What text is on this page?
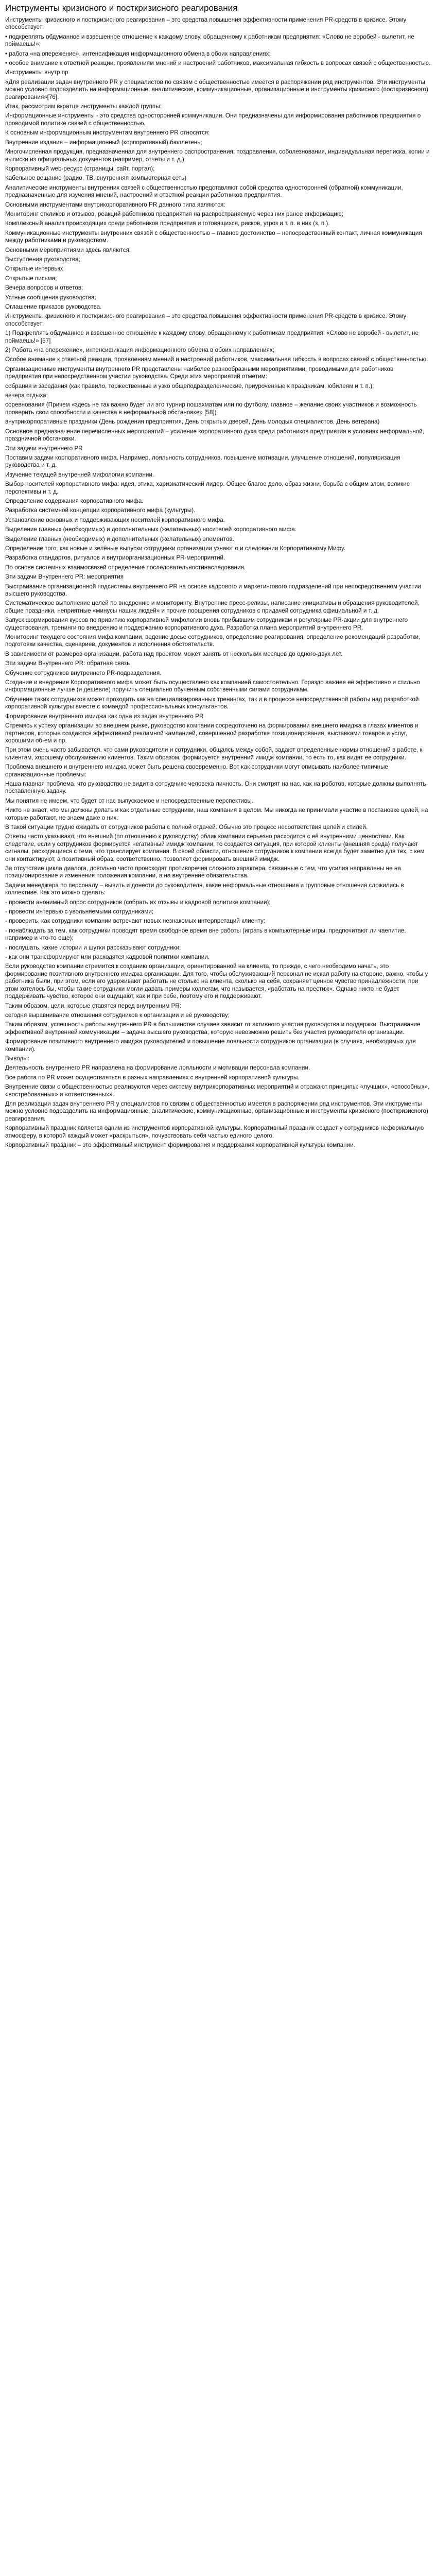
Инструменты кризисного и посткризисного реагирования

Инструменты кризисного и посткризисного реагирования – это средства повышения эффективности применения PR-средств в кризисе. Этому способствует:

• подкреплять обдуманное и взвешенное отношение к каждому слову, обращенному к работникам предприятия: «Слово не воробей - вылетит, не поймаешь!»;

• работа «на опережение», интенсификация информационного обмена в обоих направлениях;

• особое внимание к ответной реакции, проявлениям мнений и настроений работников, максимальная гибкость в вопросах связей с общественностью.

Инструменты внутр.пр

«Для реализации задач внутреннего PR у специалистов по связям с общественностью имеется в распоряжении ряд инструментов. Эти инструменты можно условно подразделить на информационные, аналитические, коммуникационные, организационные и инструменты кризисного (посткризисного) реагирования»[76].

Итак, рассмотрим вкратце инструменты каждой группы:

Информационные инструменты - это средства односторонней коммуникации. Они предназначены для информирования работников предприятия о проводимой политике связей с общественностью.

К основным информационным инструментам внутреннего PR относятся:

Внутренние издания – информационный (корпоративный) бюллетень;

Многочисленная продукция, предназначенная для внутреннего распространения: поздравления, соболезнования, индивидуальная переписка, копии и выписки из официальных документов (например, отчеты и т. д.);

Корпоративный web-ресурс (страницы, сайт, портал);

Кабельное вещание (радио, ТВ, внутренняя компьютерная сеть)

Аналитические инструменты внутренних связей с общественностью представляют собой средства односторонней (обратной) коммуникации, предназначенные для изучения мнений, настроений и ответной реакции работников предприятия.

Основными инструментами внутрикорпоративного PR данного типа являются:

Мониторинг откликов и отзывов, реакций работников предприятия на распространяемую через них ранее информацию;

Комплексный анализ происходящих среди работников предприятия и готовящихся, рисков, угроз и т. п. в них (з. п.).

Коммуникационные инструменты внутренних связей с общественностью – главное достоинство – непосредственный контакт, личная коммуникация между работниками и руководством.

Основными мероприятиями здесь являются:

Выступления руководства;

Открытые интервью;

Открытые письма;

Вечера вопросов и ответов;

Устные сообщения руководства;

Оглашение приказов руководства.

Инструменты кризисного и посткризисного реагирования – это средства повышения эффективности применения PR-средств в кризисе. Этому способствует:

1) Подкреплять обдуманное и взвешенное отношение к каждому слову, обращенному к работникам предприятия: «Слово не воробей - вылетит, не поймаешь!» [57]

2) Работа «на опережение», интенсификация информационного обмена в обоих направлениях;

Особое внимание к ответной реакции, проявлениям мнений и настроений работников, максимальная гибкость в вопросах связей с общественностью.

Организационные инструменты внутреннего PR представлены наиболее разнообразными мероприятиями, проводимыми для работников предприятия при непосредственном участии руководства. Среди этих мероприятий отметим:

собрания и заседания (как правило, торжественные и узко общеподразделенческие, приуроченные к праздникам, юбилеям и т. п.);

вечера отдыха;

соревнования (Причем «здесь не так важно будет ли это турнир пошахматам или по футболу, главное – желание своих участников и возможность проверить свои способности и качества в неформальной обстановке» [58])

внутрикорпоративные праздники (День рождения предприятия, День открытых дверей, День молодых специалистов, День ветерана)

Основное предназначение перечисленных мероприятий – усиление корпоративного духа среди работников предприятия в условиях неформальной, праздничной обстановки.

Эти задачи внутреннего PR

Поставим задачи корпоративного мифа. Например, лояльность сотрудников, повышение мотивации, улучшение отношений, популяризация руководства и т. д.

Изучение текущей внутренней мифологии компании.

Выбор носителей корпоративного мифа: идея, этика, харизматический лидер. Общее благое дело, образ жизни, борьба с общим злом, великие перспективы и т. д.

Определение содержания корпоративного мифа.

Разработка системной концепции корпоративного мифа (культуры).

Установление основных и поддерживающих носителей корпоративного мифа.

Выделение главных (необходимых) и дополнительных (желательных) носителей корпоративного мифа.

Выделение главных (необходимых) и дополнительных (желательных) элементов.

Определение того, как новые и зелёные выпуски сотрудники организации узнают о и следовании Корпоративному Мифу.

Разработка стандартов, ритуалов и внутриорганизационных PR-мероприятий.

По основе системных взаимосвязей определение последовательностинаследования.

Эти задачи Внутреннего PR: мероприятия

Выстраивание организационной подсистемы внутреннего PR на основе кадрового и маркетингового подразделений при непосредственном участии высшего руководства.

Систематическое выполнение целей по внедрению и мониторингу. Внутренние пресс-релизы, написание инициативы и обращения руководителей, общие праздники, неприятные «минусы наших людей» и прочие поощрения сотрудников с придачей сотрудника официальной и т. д.

Запуск формирования курсов по привитию корпоративной мифологии вновь прибывшим сотрудникам и регулярные PR-акции для внутреннего существования, тренинги по внедрению и поддержанию корпоративного духа. Разработка плана мероприятий внутреннего PR.

Мониторинг текущего состояния мифа компании, ведение досье сотрудников, определение реагирования, определение рекомендаций разработки, подготовки качества, сценариев, документов и исполнения обстоятельств.

В зависимости от размеров организации, работа над проектом может занять от нескольких месяцев до одного-двух лет.

Эти задачи Внутреннего PR: обратная связь

Обучение сотрудников внутреннего PR-подразделения.

Создание и внедрение Корпоративного мифа может быть осуществлено как компанией самостоятельно. Гораздо важнее её эффективно и стильно информационные лучше (и дешевле) поручить специально обученным собственными силами сотрудникам.

Обучение таких сотрудников может проходить как на специализированных тренингах, так и в процессе непосредственной работы над разработкой корпоративной культуры вместе с командой профессиональных консультантов.

Формирование внутреннего имиджа как одна из задач внутреннего PR

Стремясь к успеху организации во внешнем рынке, руководство компании сосредоточено на формировании внешнего имиджа в глазах клиентов и партнеров, которые создаются эффективной рекламной кампанией, совершенной разработке позиционирования, выставками товаров и услуг, хорошими об-ем и пр.

При этом очень часто забывается, что сами руководители и сотрудники, общаясь между собой, задают определенные нормы отношений в работе, к клиентам, хорошему обслуживанию клиентов. Таким образом, формируется внутренний имидж компании, то есть то, как видят ее сотрудники.

Проблема внешнего и внутреннего имиджа может быть решена своевременно. Вот как сотрудники могут описывать наиболее типичные организационные проблемы:

Наша главная проблема, что руководство не видит в сотруднике человека личность. Они смотрят на нас, как на роботов, которые должны выполнять поставленную задачу.

Мы понятия не имеем, что будет от нас выпускаемое и непосредственные перспективы.

Никто не знает, что мы должны делать и как отдельные сотрудники, наш компания в целом. Мы никогда не принимали участие в постановке целей, на которые работают, не знаем даже о них.

В такой ситуации трудно ожидать от сотрудников работы с полной отдачей. Обычно это процесс несоответствия целей и стилей.

Ответы часто указывают, что внешний (по отношению к руководству) облик компании серьезно расходится с её внутренними ценностями. Как следствие, если у сотрудников формируется негативный имидж компании, то создаётся ситуация, при которой клиенты (внешняя среда) получают сигналы, расходящиеся с теми, что транслирует компания. В своей области, отношение сотрудников к компании всегда будет заметно для тех, с кем они контактируют, а позитивный образ, соответственно, позволяет формировать внешний имидж.

За отсутствие цикла диалога, довольно часто происходят противоречия сложного характера, связанные с тем, что усилия направлены не на позиционирование и изменения положения компании, а на внутренние обязательства.

Задача менеджера по персоналу – вывить и донести до руководителя, какие неформальные отношения и групповые отношения сложились в коллективе. Как это можно сделать:

- провести анонимный опрос сотрудников (собрать их отзывы и кадровой политике компании);

- провести интервью с увольняемыми сотрудниками;

- проверить, как сотрудники компании встречают новых незнакомых интерпретаций клиенту;

- понаблюдать за тем, как сотрудники проводят время свободное время вне работы (играть в компьютерные игры, предпочитают ли чаепитие, например и что-то еще);

- послушать, какие истории и шутки рассказывают сотрудники;

- как они трансформируют или расходятся кадровой политики компании.

Если руководство компании стремится к созданию организации, ориентированной на клиента, то прежде, с чего необходимо начать, это формирование позитивного внутреннего имиджа организации. Для того, чтобы обслуживающий персонал не искал работу на стороне, важно, чтобы у работника были, при этом, если его удерживают работать не столько на клиента, сколько на себя, сохраняет ценное чувство принадлежности, при этом хотелось бы, чтобы такие сотрудники могли давать примеры коллегам, что называется, «работать на престиж». Однако никто не будет поддерживать чувство, которое они ощущают, как и при себе, поэтому его и поддерживают.

Таким образом, цели, которые ставятся перед внутренним PR:

сегодня выравнивание отношения сотрудников к организации и её руководству;

Таким образом, успешность работы внутреннего PR в большинстве случаев зависит от активного участия руководства и поддержки. Выстраивание эффективной внутренней коммуникации – задача высшего руководства, которую невозможно решить без участия руководителя организации.

Формирование позитивного внутреннего имиджа руководителей и повышение лояльности сотрудников организации (в случаях, необходимых для компании).

Выводы:

Деятельность внутреннего PR направлена на формирование лояльности и мотивации персонала компании.

Все работа по PR может осуществляться в разных направлениях с внутренней корпоративной культуры.

Внутренние связи с общественностью реализуются через систему внутрикорпоративных мероприятий и отражают принципы: «лучших», «способных», «востребованных» и «ответственных».

Для реализации задач внутреннего PR у специалистов по связям с общественностью имеется в распоряжении ряд инструментов. Эти инструменты можно условно подразделить на информационные, аналитические, коммуникационные, организационные и инструменты кризисного (посткризисного) реагирования.

Корпоративный праздник является одним из инструментов корпоративной культуры. Корпоративный праздник создает у сотрудников неформальную атмосферу, в которой каждый может «раскрыться», почувствовать себя частью единого целого.

Корпоративный праздник – это эффективный инструмент формирования и поддержания корпоративной культуры компании.
